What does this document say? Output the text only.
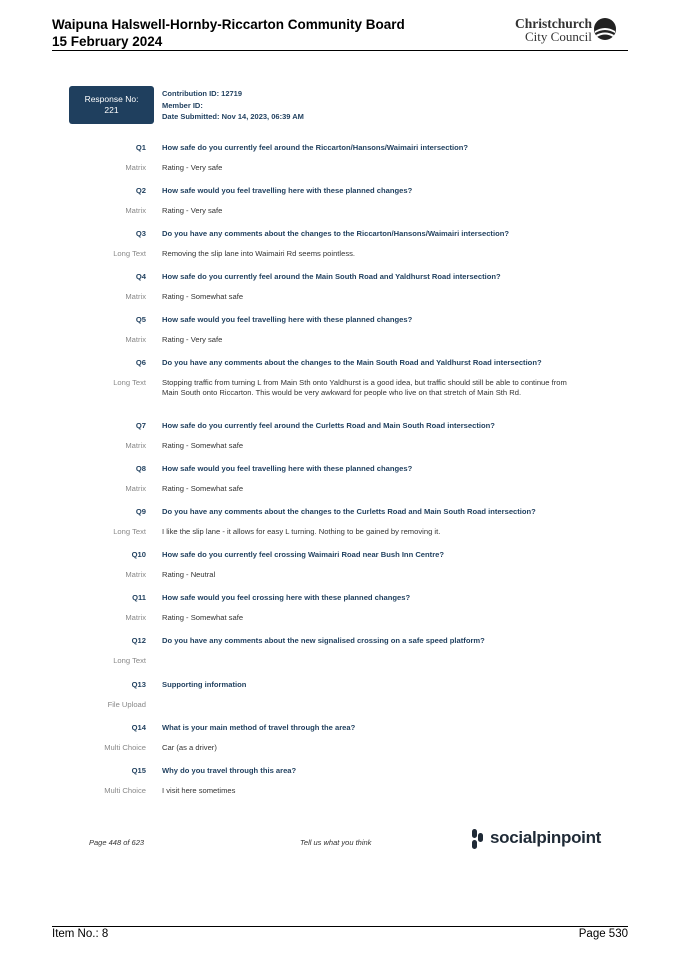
Waipuna Halswell-Hornby-Riccarton Community Board
15 February 2024
Christchurch
City Council
Response No:
221
Contribution ID: 12719
Member ID:
Date Submitted: Nov 14, 2023, 06:39 AM
Q1 How safe do you currently feel around the Riccarton/Hansons/Waimairi intersection?
Matrix Rating - Very safe
Q2 How safe would you feel travelling here with these planned changes?
Matrix Rating - Very safe
Q3 Do you have any comments about the changes to the Riccarton/Hansons/Waimairi intersection?
Long Text Removing the slip lane into Waimairi Rd seems pointless.
Q4 How safe do you currently feel around the Main South Road and Yaldhurst Road intersection?
Matrix Rating - Somewhat safe
Q5 How safe would you feel travelling here with these planned changes?
Matrix Rating - Very safe
Q6 Do you have any comments about the changes to the Main South Road and Yaldhurst Road intersection?
Long Text Stopping traffic from turning L from Main Sth onto Yaldhurst is a good idea, but traffic should still be able to continue from Main South onto Riccarton. This would be very awkward for people who live on that stretch of Main Sth Rd.
Q7 How safe do you currently feel around the Curletts Road and Main South Road intersection?
Matrix Rating - Somewhat safe
Q8 How safe would you feel travelling here with these planned changes?
Matrix Rating - Somewhat safe
Q9 Do you have any comments about the changes to the Curletts Road and Main South Road intersection?
Long Text I like the slip lane - it allows for easy L turning. Nothing to be gained by removing it.
Q10 How safe do you currently feel crossing Waimairi Road near Bush Inn Centre?
Matrix Rating - Neutral
Q11 How safe would you feel crossing here with these planned changes?
Matrix Rating - Somewhat safe
Q12 Do you have any comments about the new signalised crossing on a safe speed platform?
Long Text
Q13 Supporting information
File Upload
Q14 What is your main method of travel through the area?
Multi Choice Car (as a driver)
Q15 Why do you travel through this area?
Multi Choice I visit here sometimes
Page 448 of 623	Tell us what you think	socialpinpoint
Item No.: 8	Page 530
